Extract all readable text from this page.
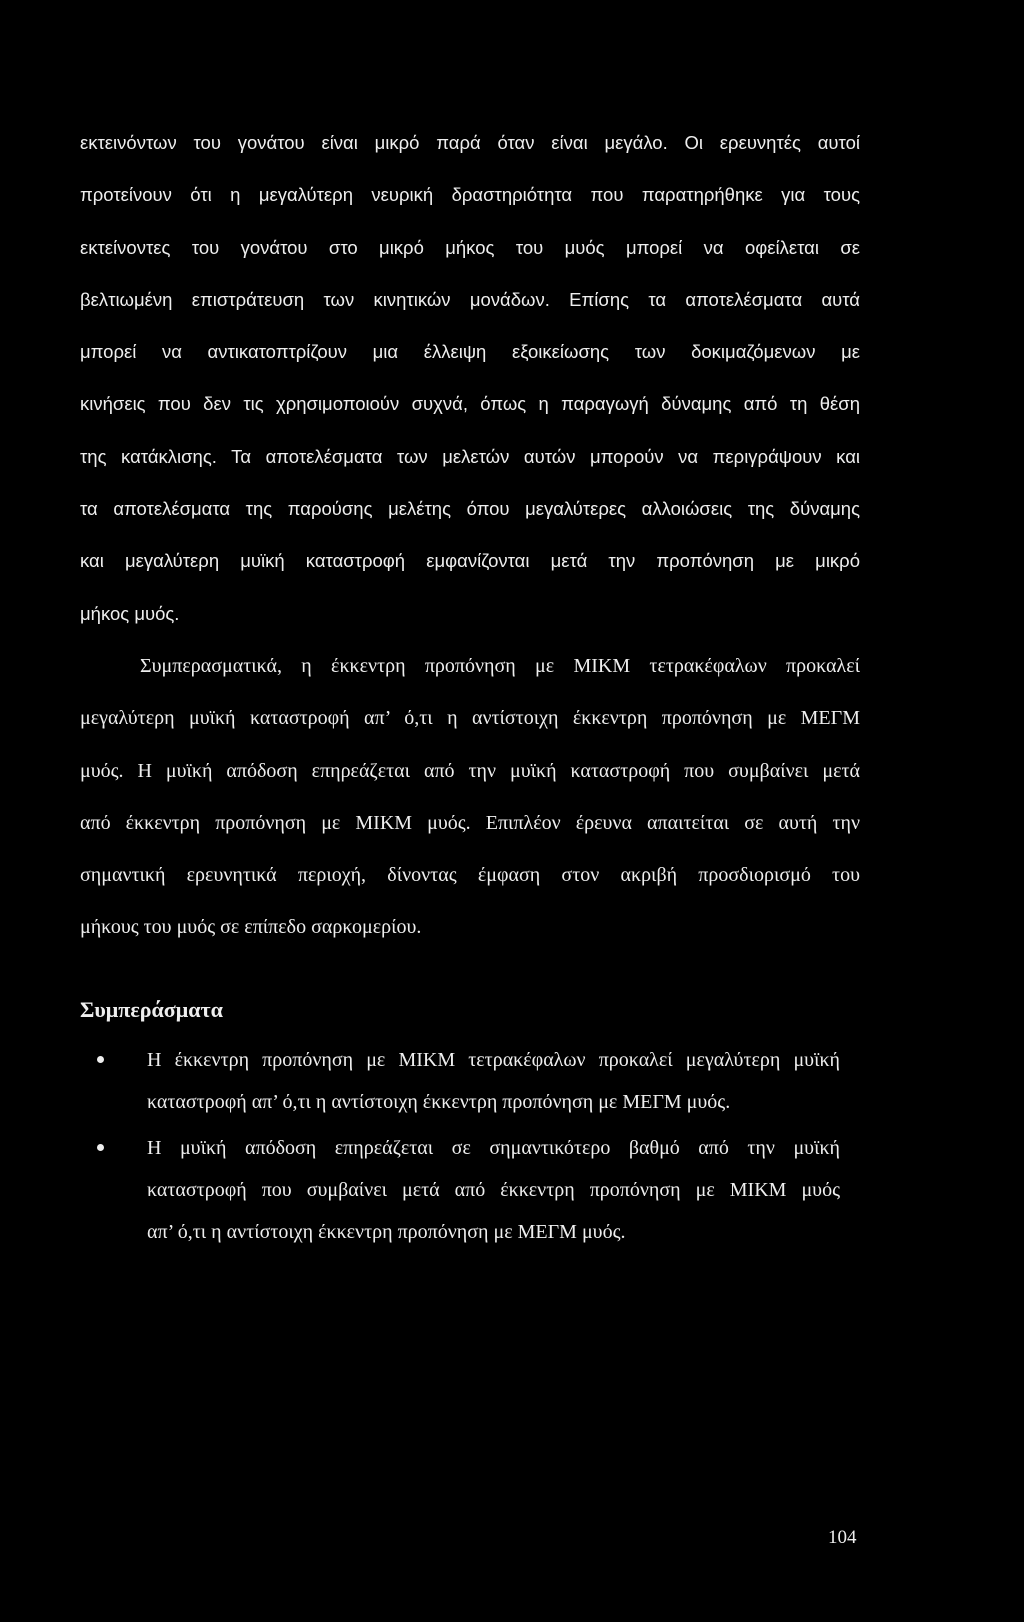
εκτεινόντων του γονάτου είναι μικρό παρά όταν είναι μεγάλο. Οι ερευνητές αυτοί
προτείνουν ότι η μεγαλύτερη νευρική δραστηριότητα που παρατηρήθηκε για τους
εκτείνοντες του γονάτου στο μικρό μήκος του μυός μπορεί να οφείλεται σε
βελτιωμένη επιστράτευση των κινητικών μονάδων. Επίσης τα αποτελέσματα αυτά
μπορεί να αντικατοπτρίζουν μια έλλειψη εξοικείωσης των δοκιμαζόμενων με
κινήσεις που δεν τις χρησιμοποιούν συχνά, όπως η παραγωγή δύναμης από τη θέση
της κατάκλισης. Τα αποτελέσματα των μελετών αυτών μπορούν να περιγράψουν και
τα αποτελέσματα της παρούσης μελέτης όπου μεγαλύτερες αλλοιώσεις της δύναμης
και μεγαλύτερη μυϊκή καταστροφή εμφανίζονται μετά την προπόνηση με μικρό
μήκος μυός.
Συμπερασματικά, η έκκεντρη προπόνηση με ΜΙΚΜ τετρακέφαλων προκαλεί
μεγαλύτερη μυϊκή καταστροφή απ’ ό,τι η αντίστοιχη έκκεντρη προπόνηση με ΜΕΓΜ
μυός. Η μυϊκή απόδοση επηρεάζεται από την μυϊκή καταστροφή που συμβαίνει μετά
από έκκεντρη προπόνηση με ΜΙΚΜ μυός. Επιπλέον έρευνα απαιτείται σε αυτή την
σημαντική ερευνητικά περιοχή, δίνοντας έμφαση στον ακριβή προσδιορισμό του
μήκους του μυός σε επίπεδο σαρκομερίου.
Συμπεράσματα
Η έκκεντρη προπόνηση με ΜΙΚΜ τετρακέφαλων προκαλεί μεγαλύτερη μυϊκή
καταστροφή απ’ ό,τι η αντίστοιχη έκκεντρη προπόνηση με ΜΕΓΜ μυός.
Η μυϊκή απόδοση επηρεάζεται σε σημαντικότερο βαθμό από την μυϊκή
καταστροφή που συμβαίνει μετά από έκκεντρη προπόνηση με ΜΙΚΜ μυός
απ’ ό,τι η αντίστοιχη έκκεντρη προπόνηση με ΜΕΓΜ μυός.
104
